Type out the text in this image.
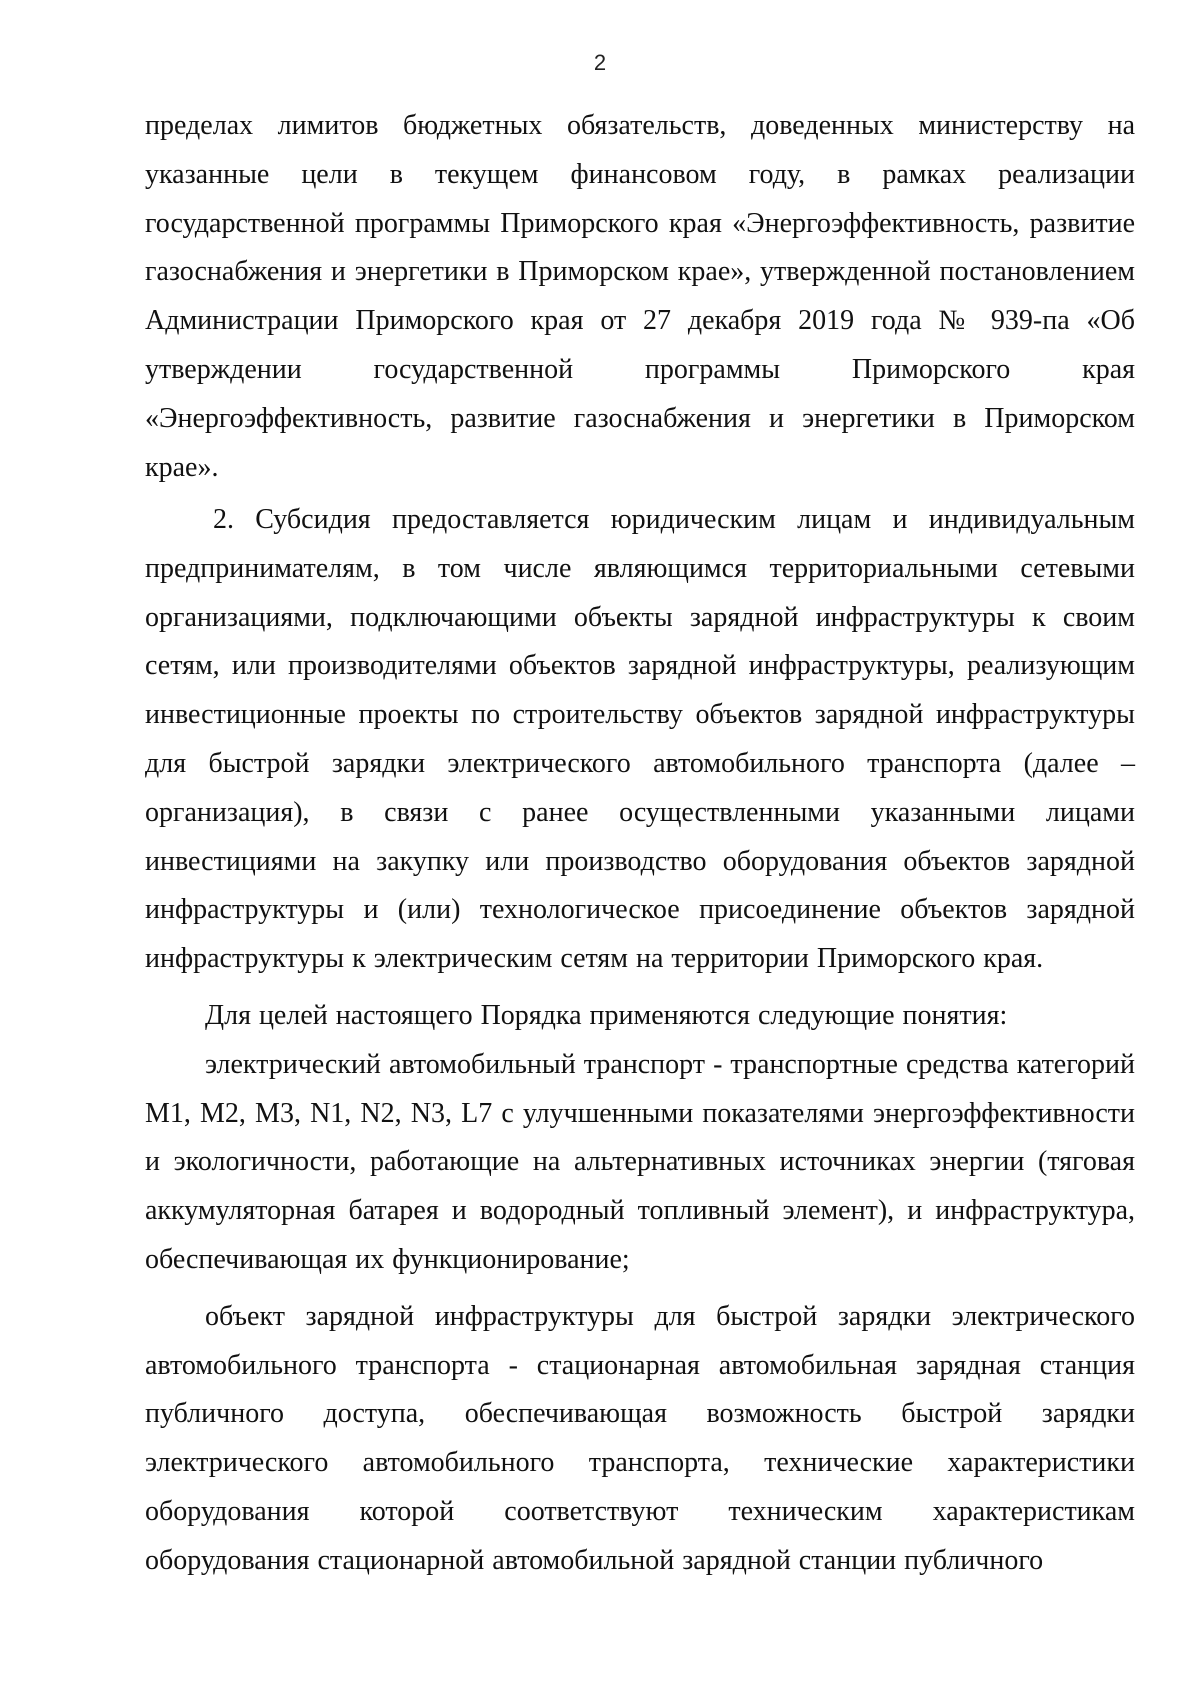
2

пределах лимитов бюджетных обязательств, доведенных министерству на указанные цели в текущем финансовом году, в рамках реализации государственной программы Приморского края «Энергоэффективность, развитие газоснабжения и энергетики в Приморском крае», утвержденной постановлением Администрации Приморского края от 27 декабря 2019 года № 939-па «Об утверждении государственной программы Приморского края «Энергоэффективность, развитие газоснабжения и энергетики в Приморском крае».

2. Субсидия предоставляется юридическим лицам и индивидуальным предпринимателям, в том числе являющимся территориальными сетевыми организациями, подключающими объекты зарядной инфраструктуры к своим сетям, или производителями объектов зарядной инфраструктуры, реализующим инвестиционные проекты по строительству объектов зарядной инфраструктуры для быстрой зарядки электрического автомобильного транспорта (далее – организация), в связи с ранее осуществленными указанными лицами инвестициями на закупку или производство оборудования объектов зарядной инфраструктуры и (или) технологическое присоединение объектов зарядной инфраструктуры к электрическим сетям на территории Приморского края.

Для целей настоящего Порядка применяются следующие понятия:

электрический автомобильный транспорт - транспортные средства категорий M1, M2, M3, N1, N2, N3, L7 с улучшенными показателями энергоэффективности и экологичности, работающие на альтернативных источниках энергии (тяговая аккумуляторная батарея и водородный топливный элемент), и инфраструктура, обеспечивающая их функционирование;

объект зарядной инфраструктуры для быстрой зарядки электрического автомобильного транспорта - стационарная автомобильная зарядная станция публичного доступа, обеспечивающая возможность быстрой зарядки электрического автомобильного транспорта, технические характеристики оборудования которой соответствуют техническим характеристикам оборудования стационарной автомобильной зарядной станции публичного
